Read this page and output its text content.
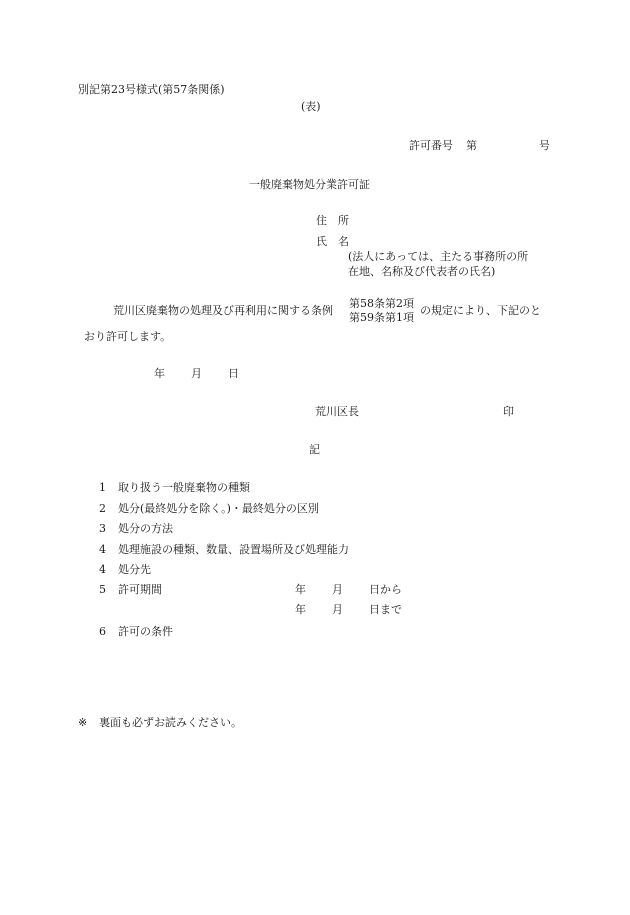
別記第23号様式(第57条関係)
(表)
許可番号 第	号
一般廃棄物処分業許可証
住　所
氏　名
(法人にあっては、主たる事務所の所
在地、名称及び代表者の氏名)
荒川区廃棄物の処理及び再利用に関する条例
第58条第2項
第59条第1項
の規定により、下記のと
おり許可します。
年 月 日
荒川区長	印
記
1 取り扱う一般廃棄物の種類
2 処分(最終処分を除く。)・最終処分の区別
3 処分の方法
4 処理施設の種類、数量、設置場所及び処理能力
4 処分先
5 許可期間
6 許可の条件
年 月 日から
年 月 日まで
※ 裏面も必ずお読みください。
